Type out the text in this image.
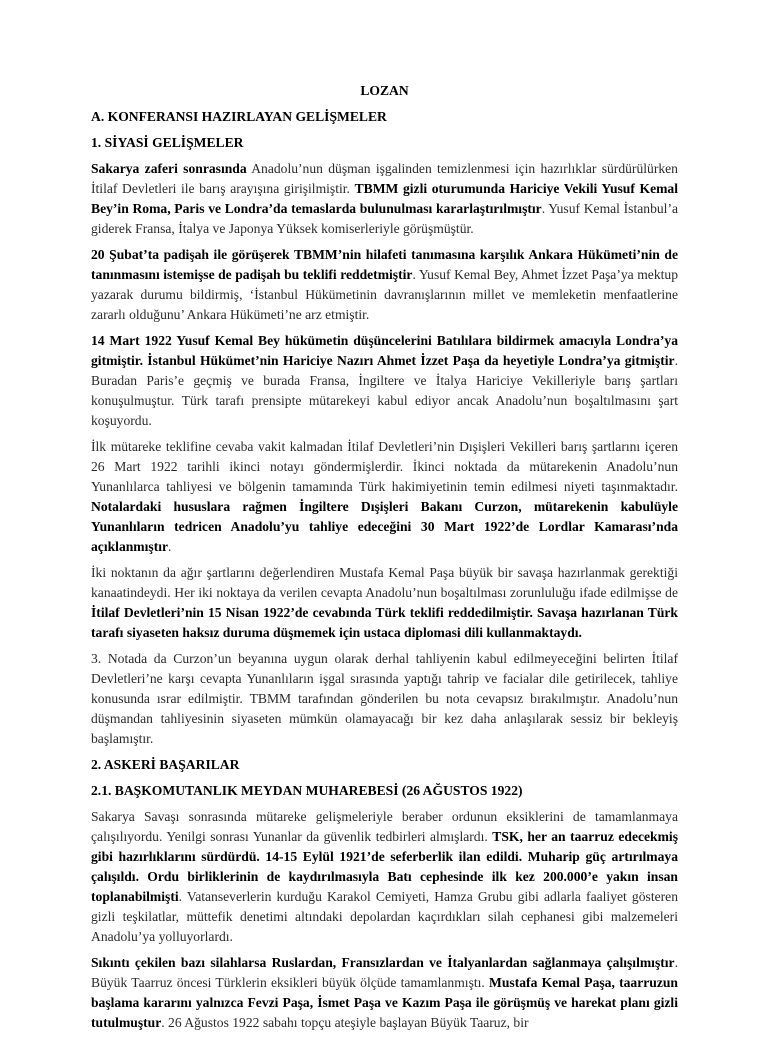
LOZAN
A. KONFERANSI HAZIRLAYAN GELİŞMELER
1. SİYASİ GELİŞMELER

Sakarya zaferi sonrasında Anadolu’nun düşman işgalinden temizlenmesi için hazırlıklar sürdürülürken İtilaf Devletleri ile barış arayışına girişilmiştir. TBMM gizli oturumunda Hariciye Vekili Yusuf Kemal Bey’in Roma, Paris ve Londra’da temaslarda bulunulması kararlaştırılmıştır. Yusuf Kemal İstanbul’a giderek Fransa, İtalya ve Japonya Yüksek komiserleriyle görüşmüştür.

20 Şubat’ta padişah ile görüşerek TBMM’nin hilafeti tanımasına karşılık Ankara Hükümeti’nin de tanınmasını istemişse de padişah bu teklifi reddetmiştir. Yusuf Kemal Bey, Ahmet İzzet Paşa’ya mektup yazarak durumu bildirmiş, ‘İstanbul Hükümetinin davranışlarının millet ve memleketin menfaatlerine zararlı olduğunu’ Ankara Hükümeti’ne arz etmiştir.

14 Mart 1922 Yusuf Kemal Bey hükümetin düşüncelerini Batılılara bildirmek amacıyla Londra’ya gitmiştir. İstanbul Hükümet’nin Hariciye Nazırı Ahmet İzzet Paşa da heyetiyle Londra’ya gitmiştir. Buradan Paris’e geçmiş ve burada Fransa, İngiltere ve İtalya Hariciye Vekilleriyle barış şartları konuşulmuştur. Türk tarafı prensipte mütarekeyi kabul ediyor ancak Anadolu’nun boşaltılmasını şart koşuyordu.

İlk mütareke teklifine cevaba vakit kalmadan İtilaf Devletleri’nin Dışişleri Vekilleri barış şartlarını içeren 26 Mart 1922 tarihli ikinci notayı göndermişlerdir. İkinci noktada da mütarekenin Anadolu’nun Yunanlılarca tahliyesi ve bölgenin tamamında Türk hakimiyetinin temin edilmesi niyeti taşınmaktadır. Notalardaki hususlara rağmen İngiltere Dışişleri Bakanı Curzon, mütarekenin kabulüyle Yunanlıların tedricen Anadolu’yu tahliye edeceğini 30 Mart 1922’de Lordlar Kamarası’nda açıklanmıştır.

İki noktanın da ağır şartlarını değerlendiren Mustafa Kemal Paşa büyük bir savaşa hazırlanmak gerektiği kanaatindeydi. Her iki noktaya da verilen cevapta Anadolu’nun boşaltılması zorunluluğu ifade edilmişse de İtilaf Devletleri’nin 15 Nisan 1922’de cevabında Türk teklifi reddedilmiştir. Savaşa hazırlanan Türk tarafı siyaseten haksız duruma düşmemek için ustaca diplomasi dili kullanmaktaydı.

3. Notada da Curzon’un beyanına uygun olarak derhal tahliyenin kabul edilmeyeceğini belirten İtilaf Devletleri’ne karşı cevapta Yunanlıların işgal sırasında yaptığı tahrip ve facialar dile getirilecek, tahliye konusunda ısrar edilmiştir. TBMM tarafından gönderilen bu nota cevapsız bırakılmıştır. Anadolu’nun düşmandan tahliyesinin siyaseten mümkün olamayacağı bir kez daha anlaşılarak sessiz bir bekleyiş başlamıştır.

2. ASKERİ BAŞARILAR
2.1. BAŞKOMUTANLIK MEYDAN MUHAREBESİ (26 AĞUSTOS 1922)

Sakarya Savaşı sonrasında mütareke gelişmeleriyle beraber ordunun eksiklerini de tamamlanmaya çalışılıyordu. Yenilgi sonrası Yunanlar da güvenlik tedbirleri almışlardı. TSK, her an taarruz edecekmiş gibi hazırlıklarını sürdürdü. 14-15 Eylül 1921’de seferberlik ilan edildi. Muharip güç artırılmaya çalışıldı. Ordu birliklerinin de kaydırılmasıyla Batı cephesinde ilk kez 200.000’e yakın insan toplanabilmişti. Vatanseverlerin kurduğu Karakol Cemiyeti, Hamza Grubu gibi adlarla faaliyet gösteren gizli teşkilatlar, müttefik denetimi altındaki depolardan kaçırdıkları silah cephanesi gibi malzemeleri Anadolu’ya yolluyorlardı.

Sıkıntı çekilen bazı silahlarsa Ruslardan, Fransızlardan ve İtalyanlardan sağlanmaya çalışılmıştır. Büyük Taarruz öncesi Türklerin eksikleri büyük ölçüde tamamlanmıştı. Mustafa Kemal Paşa, taarruzun başlama kararını yalnızca Fevzi Paşa, İsmet Paşa ve Kazım Paşa ile görüşmüş ve harekat planı gizli tutulmuştur. 26 Ağustos 1922 sabahı topçu ateşiyle başlayan Büyük Taaruz, bir
